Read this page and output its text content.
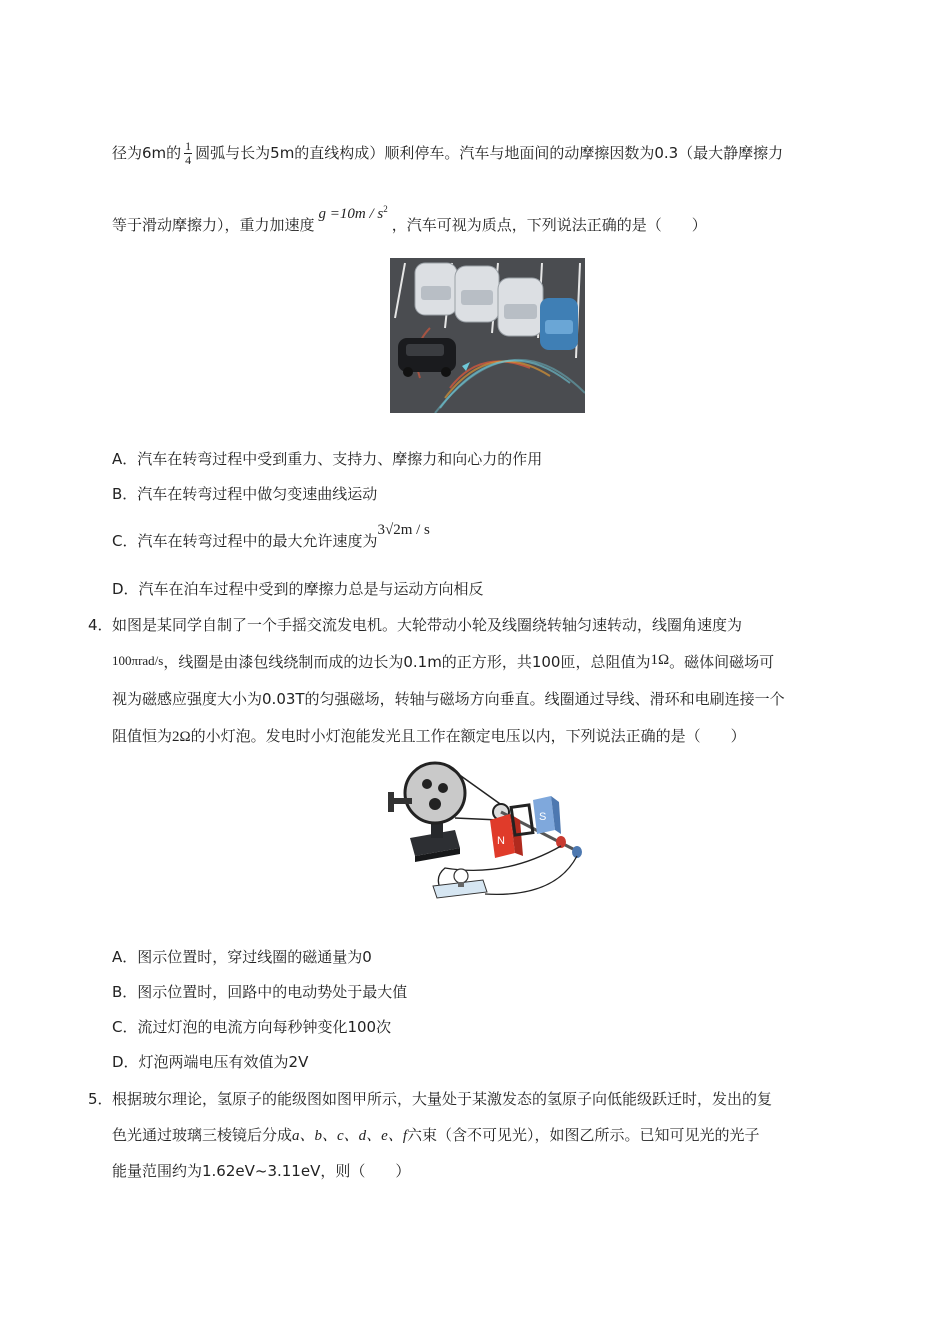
径为6m的 $\frac{1}{4}$ 圆弧与长为5m的直线构成）顺利停车。汽车与地面间的动摩擦因数为0.3（最大静摩擦力
等于滑动摩擦力），重力加速度$g =10m / s^2$，汽车可视为质点，下列说法正确的是（　　）
A．汽车在转弯过程中受到重力、支持力、摩擦力和向心力的作用
B．汽车在转弯过程中做匀变速曲线运动
C．汽车在转弯过程中的最大允许速度为3√2m / s
D．汽车在泊车过程中受到的摩擦力总是与运动方向相反
4． 如图是某同学自制了一个手摇交流发电机。大轮带动小轮及线圈绕转轴匀速转动，线圈角速度为
100πrad/s，线圈是由漆包线绕制而成的边长为0.1m的正方形，共100匝，总阻值为1Ω。磁体间磁场可
视为磁感应强度大小为0.03T的匀强磁场，转轴与磁场方向垂直。线圈通过导线、滑环和电刷连接一个
阻值恒为2Ω的小灯泡。发电时小灯泡能发光且工作在额定电压以内，下列说法正确的是（　　）
N
S
A．图示位置时，穿过线圈的磁通量为0
B．图示位置时，回路中的电动势处于最大值
C．流过灯泡的电流方向每秒钟变化100次
D．灯泡两端电压有效值为2V
5． 根据玻尔理论，氢原子的能级图如图甲所示，大量处于某激发态的氢原子向低能级跃迁时，发出的复
色光通过玻璃三棱镜后分成a、b、c、d、e、f六束（含不可见光），如图乙所示。已知可见光的光子
能量范围约为1.62eV~3.11eV，则（　　）
